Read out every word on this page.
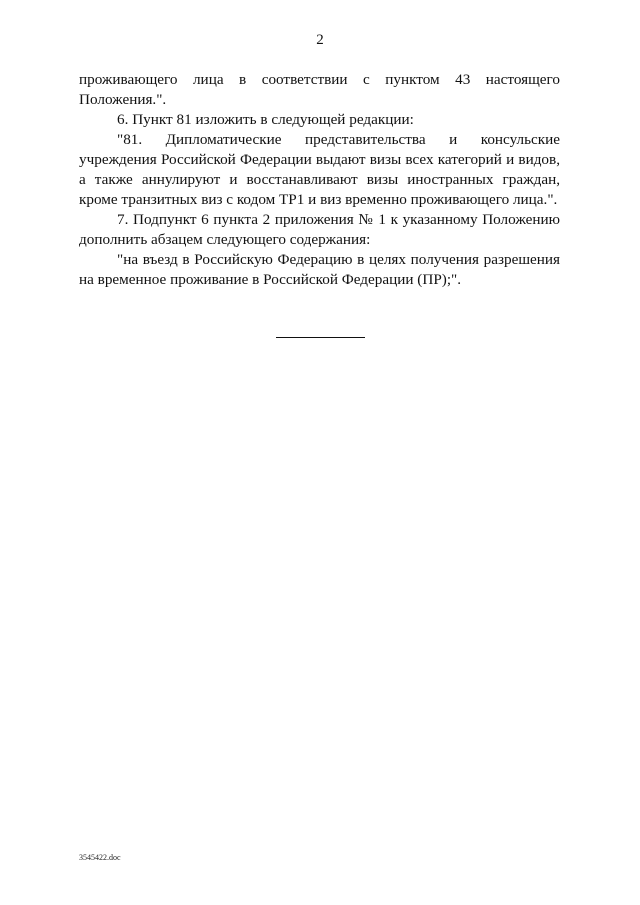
2

проживающего лица в соответствии с пунктом 43 настоящего Положения.".

6. Пункт 81 изложить в следующей редакции:

"81. Дипломатические представительства и консульские учреждения Российской Федерации выдают визы всех категорий и видов, а также аннулируют и восстанавливают визы иностранных граждан, кроме транзитных виз с кодом ТР1 и виз временно проживающего лица.".

7. Подпункт 6 пункта 2 приложения № 1 к указанному Положению дополнить абзацем следующего содержания:

"на въезд в Российскую Федерацию в целях получения разрешения на временное проживание в Российской Федерации (ПР);".

3545422.doc
